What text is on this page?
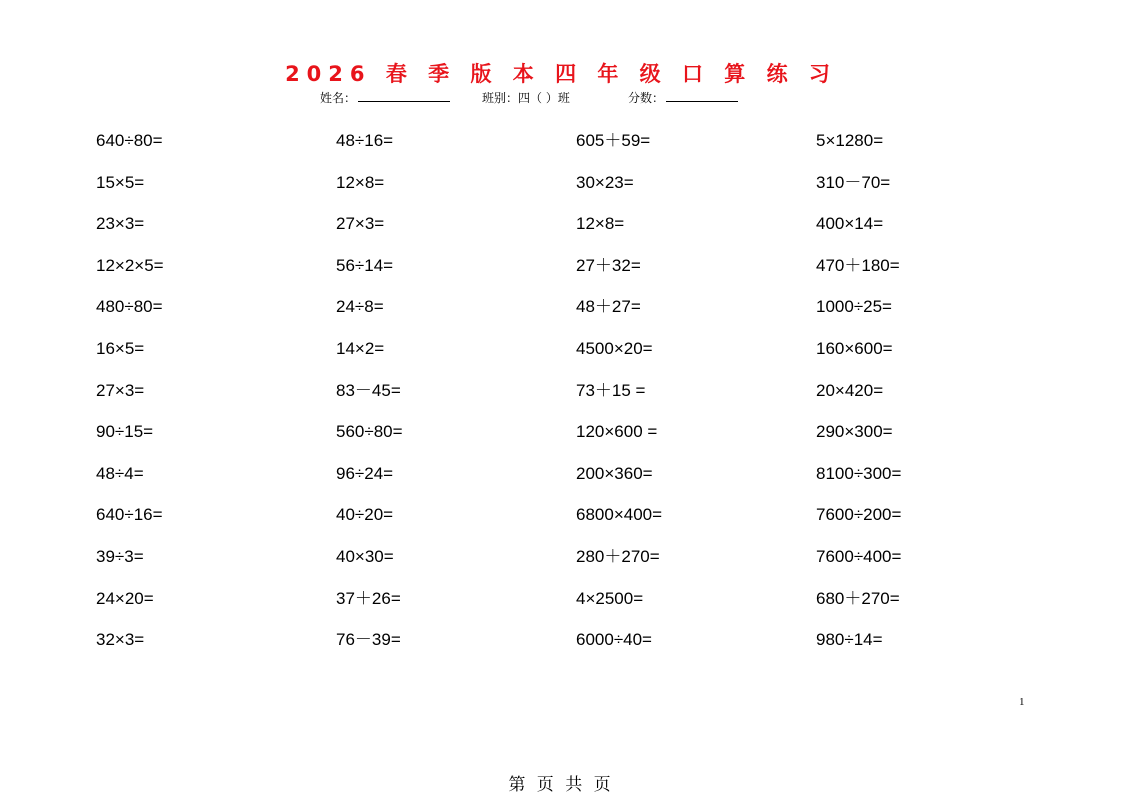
2026 春 季 版 本 四 年 级 口 算 练 习
姓名：	班别：四（ ）班	分数：
640÷80=	48÷16=	605＋59=	5×1280=
15×5=	12×8=	30×23=	310－70=
23×3=	27×3=	12×8=	400×14=
12×2×5=	56÷14=	27＋32=	470＋180=
480÷80=	24÷8=	48＋27=	1000÷25=
16×5=	14×2=	4500×20=	160×600=
27×3=	83－45=	73＋15 =	20×420=
90÷15=	560÷80=	120×600 =	290×300=
48÷4=	96÷24=	200×360=	8100÷300=
640÷16=	40÷20=	6800×400=	7600÷200=
39÷3=	40×30=	280＋270=	7600÷400=
24×20=	37＋26=	4×2500=	680＋270=
32×3=	76－39=	6000÷40=	980÷14=
1
第 页 共 页
